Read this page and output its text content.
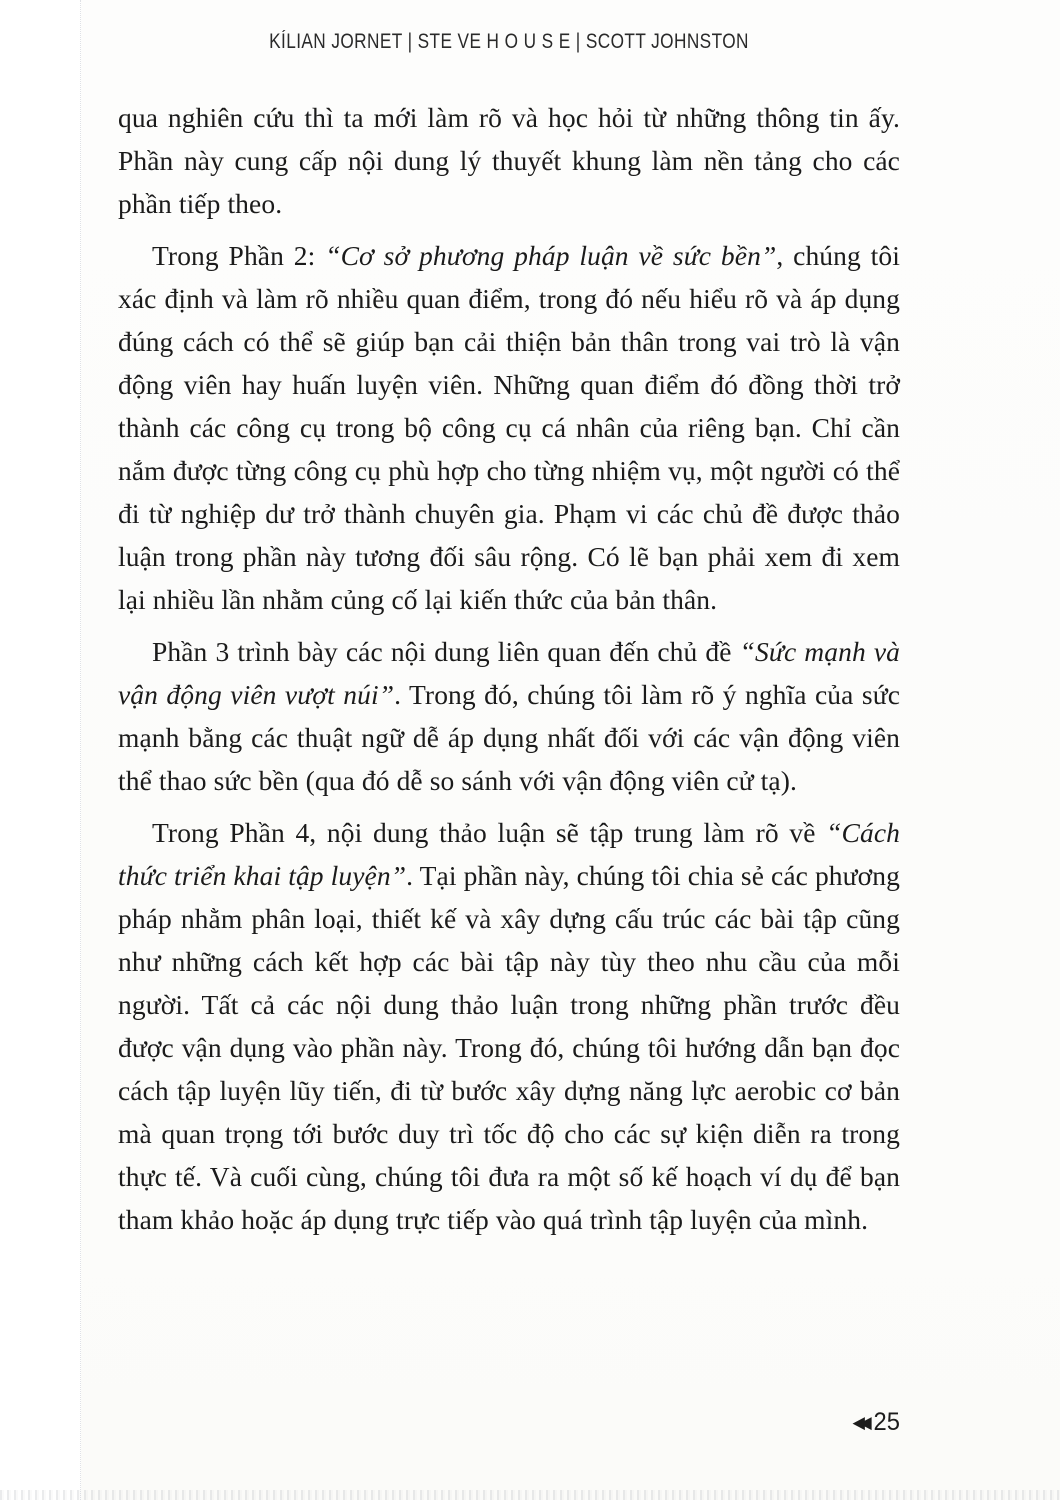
KÍLIAN JORNET | STE VE H O U S E | SCOTT JOHNSTON

qua nghiên cứu thì ta mới làm rõ và học hỏi từ những thông tin ấy. Phần này cung cấp nội dung lý thuyết khung làm nền tảng cho các phần tiếp theo.

Trong Phần 2: “Cơ sở phương pháp luận về sức bền”, chúng tôi xác định và làm rõ nhiều quan điểm, trong đó nếu hiểu rõ và áp dụng đúng cách có thể sẽ giúp bạn cải thiện bản thân trong vai trò là vận động viên hay huấn luyện viên. Những quan điểm đó đồng thời trở thành các công cụ trong bộ công cụ cá nhân của riêng bạn. Chỉ cần nắm được từng công cụ phù hợp cho từng nhiệm vụ, một người có thể đi từ nghiệp dư trở thành chuyên gia. Phạm vi các chủ đề được thảo luận trong phần này tương đối sâu rộng. Có lẽ bạn phải xem đi xem lại nhiều lần nhằm củng cố lại kiến thức của bản thân.

Phần 3 trình bày các nội dung liên quan đến chủ đề “Sức mạnh và vận động viên vượt núi”. Trong đó, chúng tôi làm rõ ý nghĩa của sức mạnh bằng các thuật ngữ dễ áp dụng nhất đối với các vận động viên thể thao sức bền (qua đó dễ so sánh với vận động viên cử tạ).

Trong Phần 4, nội dung thảo luận sẽ tập trung làm rõ về “Cách thức triển khai tập luyện”. Tại phần này, chúng tôi chia sẻ các phương pháp nhằm phân loại, thiết kế và xây dựng cấu trúc các bài tập cũng như những cách kết hợp các bài tập này tùy theo nhu cầu của mỗi người. Tất cả các nội dung thảo luận trong những phần trước đều được vận dụng vào phần này. Trong đó, chúng tôi hướng dẫn bạn đọc cách tập luyện lũy tiến, đi từ bước xây dựng năng lực aerobic cơ bản mà quan trọng tới bước duy trì tốc độ cho các sự kiện diễn ra trong thực tế. Và cuối cùng, chúng tôi đưa ra một số kế hoạch ví dụ để bạn tham khảo hoặc áp dụng trực tiếp vào quá trình tập luyện của mình.

◀◀ 25
